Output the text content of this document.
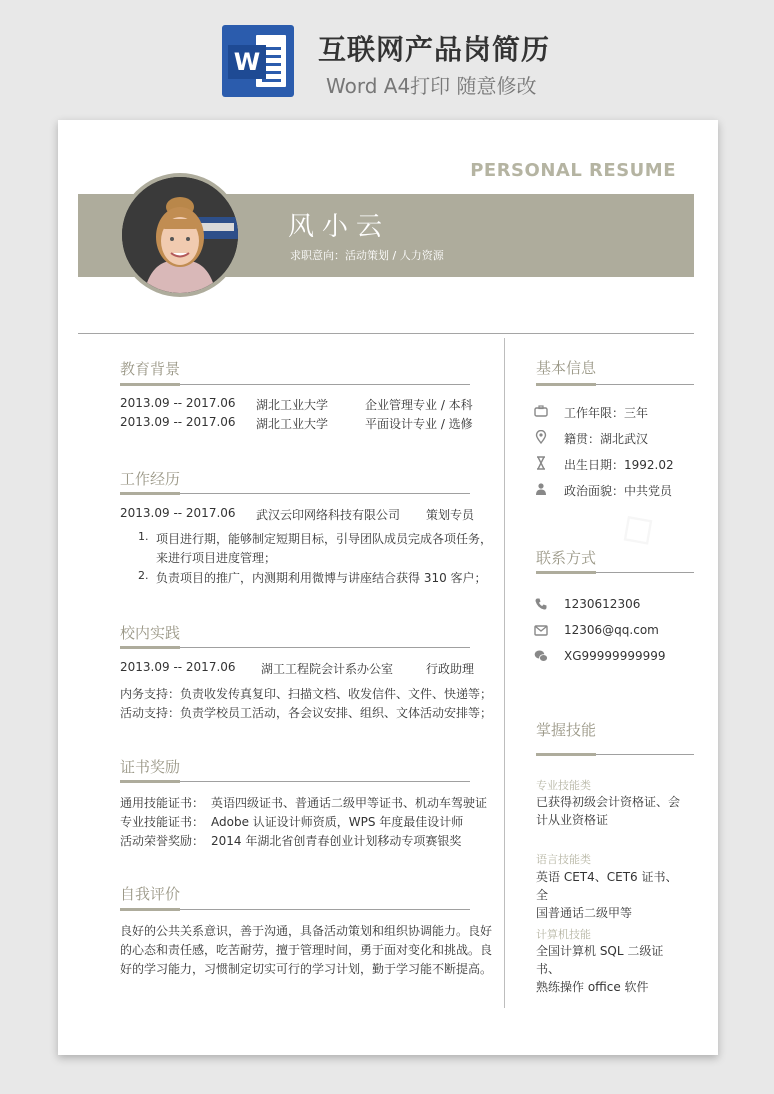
W 互联网产品岗简历
Word A4打印 随意修改
PERSONAL RESUME
风小云
求职意向：活动策划 / 人力资源
教育背景
2013.09 -- 2017.06 湖北工业大学	企业管理专业 / 本科
2013.09 -- 2017.06 湖北工业大学	平面设计专业 / 选修
工作经历
2013.09 -- 2017.06 武汉云印网络科技有限公司 策划专员
1. 项目进行期，能够制定短期目标，引导团队成员完成各项任务，
来进行项目进度管理；
2. 负责项目的推广，内测期利用微博与讲座结合获得 310 客户；
校内实践
2013.09 -- 2017.06 湖工工程院会计系办公室	行政助理
内务支持：负责收发传真复印、扫描文档、收发信件、文件、快递等；
活动支持：负责学校员工活动，各会议安排、组织、文体活动安排等；
证书奖励
通用技能证书： 英语四级证书、普通话二级甲等证书、机动车驾驶证
专业技能证书： Adobe 认证设计师资质，WPS 年度最佳设计师
活动荣誉奖励： 2014 年湖北省创青春创业计划移动专项赛银奖
自我评价
良好的公共关系意识，善于沟通，具备活动策划和组织协调能力。良好
的心态和责任感，吃苦耐劳，擅于管理时间，勇于面对变化和挑战。良
好的学习能力，习惯制定切实可行的学习计划，勤于学习能不断提高。
基本信息
工作年限：三年
籍贯：湖北武汉
出生日期：1992.02
政治面貌：中共党员
联系方式
1230612306
12306@qq.com
XG99999999999
掌握技能
专业技能类
已获得初级会计资格证、会
计从业资格证
语言技能类
英语 CET4、CET6 证书、全
国普通话二级甲等
计算机技能
全国计算机 SQL 二级证书、
熟练操作 office 软件
